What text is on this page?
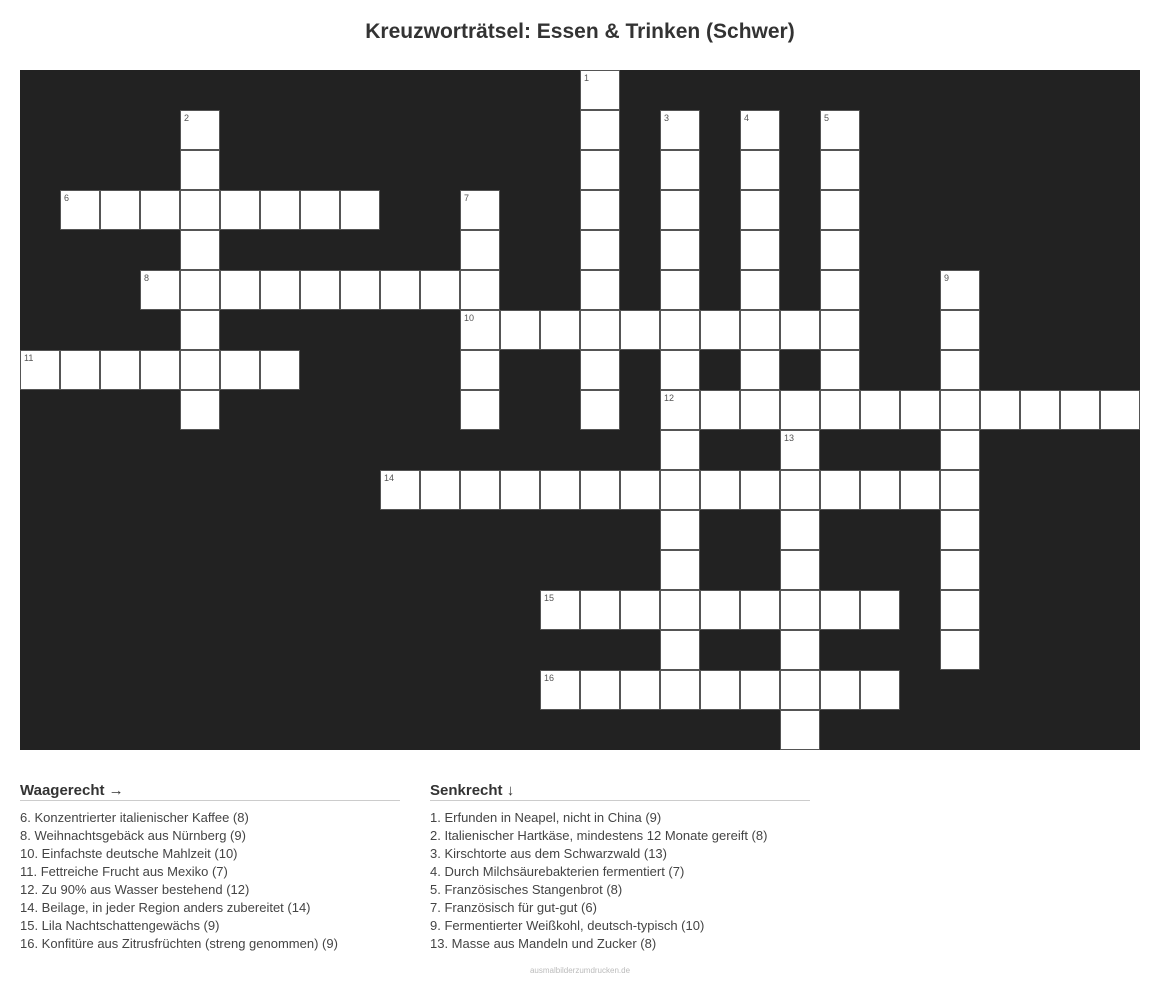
Kreuzworträtsel: Essen & Trinken (Schwer)
1
2	3	4	5
6	7
8	9
10
11
12
13
14
15
16
Waagerecht →
6. Konzentrierter italienischer Kaffee (8)
8. Weihnachtsgebäck aus Nürnberg (9)
10. Einfachste deutsche Mahlzeit (10)
11. Fettreiche Frucht aus Mexiko (7)
12. Zu 90% aus Wasser bestehend (12)
14. Beilage, in jeder Region anders zubereitet (14)
15. Lila Nachtschattengewächs (9)
16. Konfitüre aus Zitrusfrüchten (streng genommen) (9)
Senkrecht ↓
1. Erfunden in Neapel, nicht in China (9)
2. Italienischer Hartkäse, mindestens 12 Monate gereift (8)
3. Kirschtorte aus dem Schwarzwald (13)
4. Durch Milchsäurebakterien fermentiert (7)
5. Französisches Stangenbrot (8)
7. Französisch für gut-gut (6)
9. Fermentierter Weißkohl, deutsch-typisch (10)
13. Masse aus Mandeln und Zucker (8)
ausmalbilderzumdrucken.de
